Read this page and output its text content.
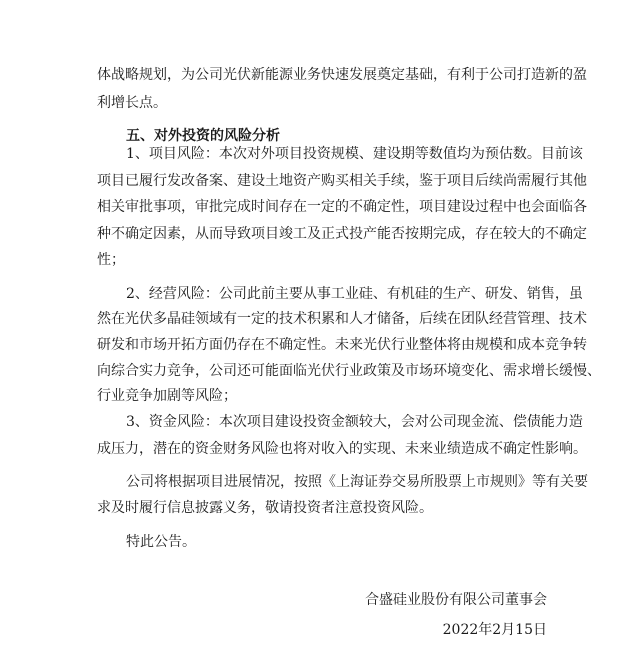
体战略规划，为公司光伏新能源业务快速发展奠定基础，有利于公司打造新的盈
利增长点。
五、对外投资的风险分析
1、项目风险：本次对外项目投资规模、建设期等数值均为预估数。目前该
项目已履行发改备案、建设土地资产购买相关手续，鉴于项目后续尚需履行其他
相关审批事项，审批完成时间存在一定的不确定性，项目建设过程中也会面临各
种不确定因素，从而导致项目竣工及正式投产能否按期完成，存在较大的不确定
性；
2、经营风险：公司此前主要从事工业硅、有机硅的生产、研发、销售，虽
然在光伏多晶硅领域有一定的技术积累和人才储备，后续在团队经营管理、技术
研发和市场开拓方面仍存在不确定性。未来光伏行业整体将由规模和成本竞争转
向综合实力竞争，公司还可能面临光伏行业政策及市场环境变化、需求增长缓慢、
行业竞争加剧等风险；
3、资金风险：本次项目建设投资金额较大，会对公司现金流、偿债能力造
成压力，潜在的资金财务风险也将对收入的实现、未来业绩造成不确定性影响。
公司将根据项目进展情况，按照《上海证券交易所股票上市规则》等有关要
求及时履行信息披露义务，敬请投资者注意投资风险。
特此公告。
合盛硅业股份有限公司董事会
2022年2月15日
